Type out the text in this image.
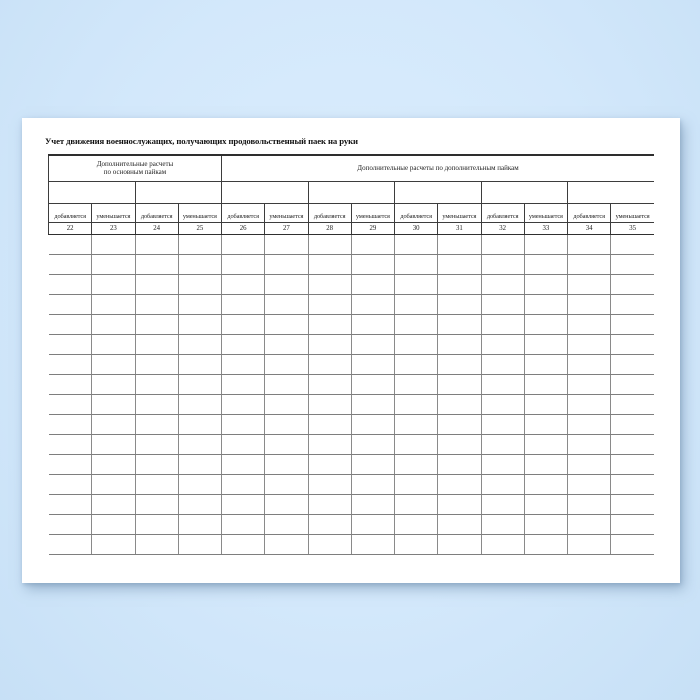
Учет движения военнослужащих, получающих продовольственный паек на руки
Дополнительные расчеты
по основным пайкам				Дополнительные расчеты по дополнительным пайкам									

добавляется	уменьшается	добавляется	уменьшается	добавляется	уменьшается	добавляется	уменьшается	добавляется	уменьшается	добавляется	уменьшается	добавляется	уменьшается
22	23	24	25	26	27	28	29	30	31	32	33	34	35
